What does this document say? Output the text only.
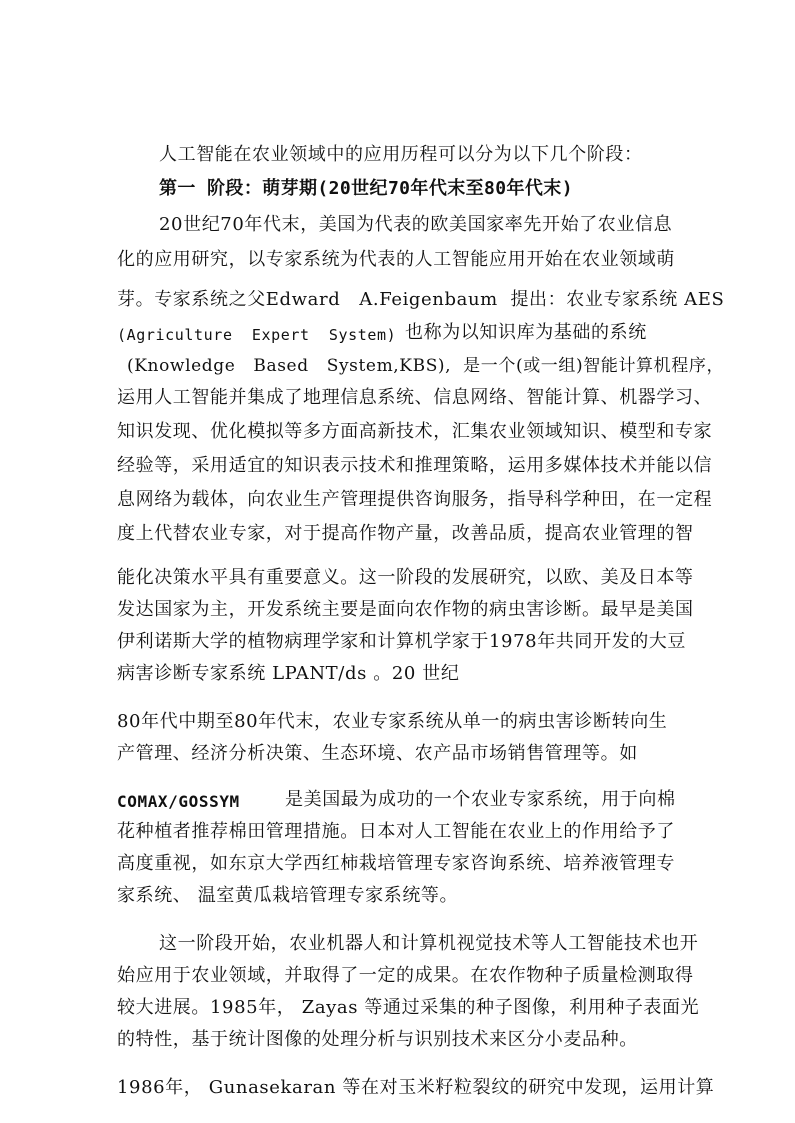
人工智能在农业领域中的应用历程可以分为以下几个阶段：
第一 阶段：萌芽期(20世纪70年代末至80年代末)
20世纪70年代末，美国为代表的欧美国家率先开始了农业信息
化的应用研究，以专家系统为代表的人工智能应用开始在农业领域萌
芽。专家系统之父Edward   A.Feigenbaum  提出：农业专家系统 AES
(Agriculture  Expert  System) 也称为以知识库为基础的系统
(Knowledge   Based   System,KBS),  是一个(或一组)智能计算机程序，
运用人工智能并集成了地理信息系统、信息网络、智能计算、机器学习、
知识发现、优化模拟等多方面高新技术，汇集农业领域知识、模型和专家
经验等，采用适宜的知识表示技术和推理策略，运用多媒体技术并能以信
息网络为载体，向农业生产管理提供咨询服务，指导科学种田，在一定程
度上代替农业专家，对于提高作物产量，改善品质，提高农业管理的智
能化决策水平具有重要意义。这一阶段的发展研究，以欧、美及日本等
发达国家为主，开发系统主要是面向农作物的病虫害诊断。最早是美国
伊利诺斯大学的植物病理学家和计算机学家于1978年共同开发的大豆
病害诊断专家系统 LPANT/ds 。20 世纪
80年代中期至80年代末，农业专家系统从单一的病虫害诊断转向生
产管理、经济分析决策、生态环境、农产品市场销售管理等。如
COMAX/GOSSYM	是美国最为成功的一个农业专家系统，用于向棉
花种植者推荐棉田管理措施。日本对人工智能在农业上的作用给予了
高度重视，如东京大学西红柿栽培管理专家咨询系统、培养液管理专
家系统、 温室黄瓜栽培管理专家系统等。
这一阶段开始，农业机器人和计算机视觉技术等人工智能技术也开
始应用于农业领域，并取得了一定的成果。在农作物种子质量检测取得
较大进展。1985年， Zayas 等通过采集的种子图像，利用种子表面光
的特性，基于统计图像的处理分析与识别技术来区分小麦品种。
1986年， Gunasekaran 等在对玉米籽粒裂纹的研究中发现，运用计算
